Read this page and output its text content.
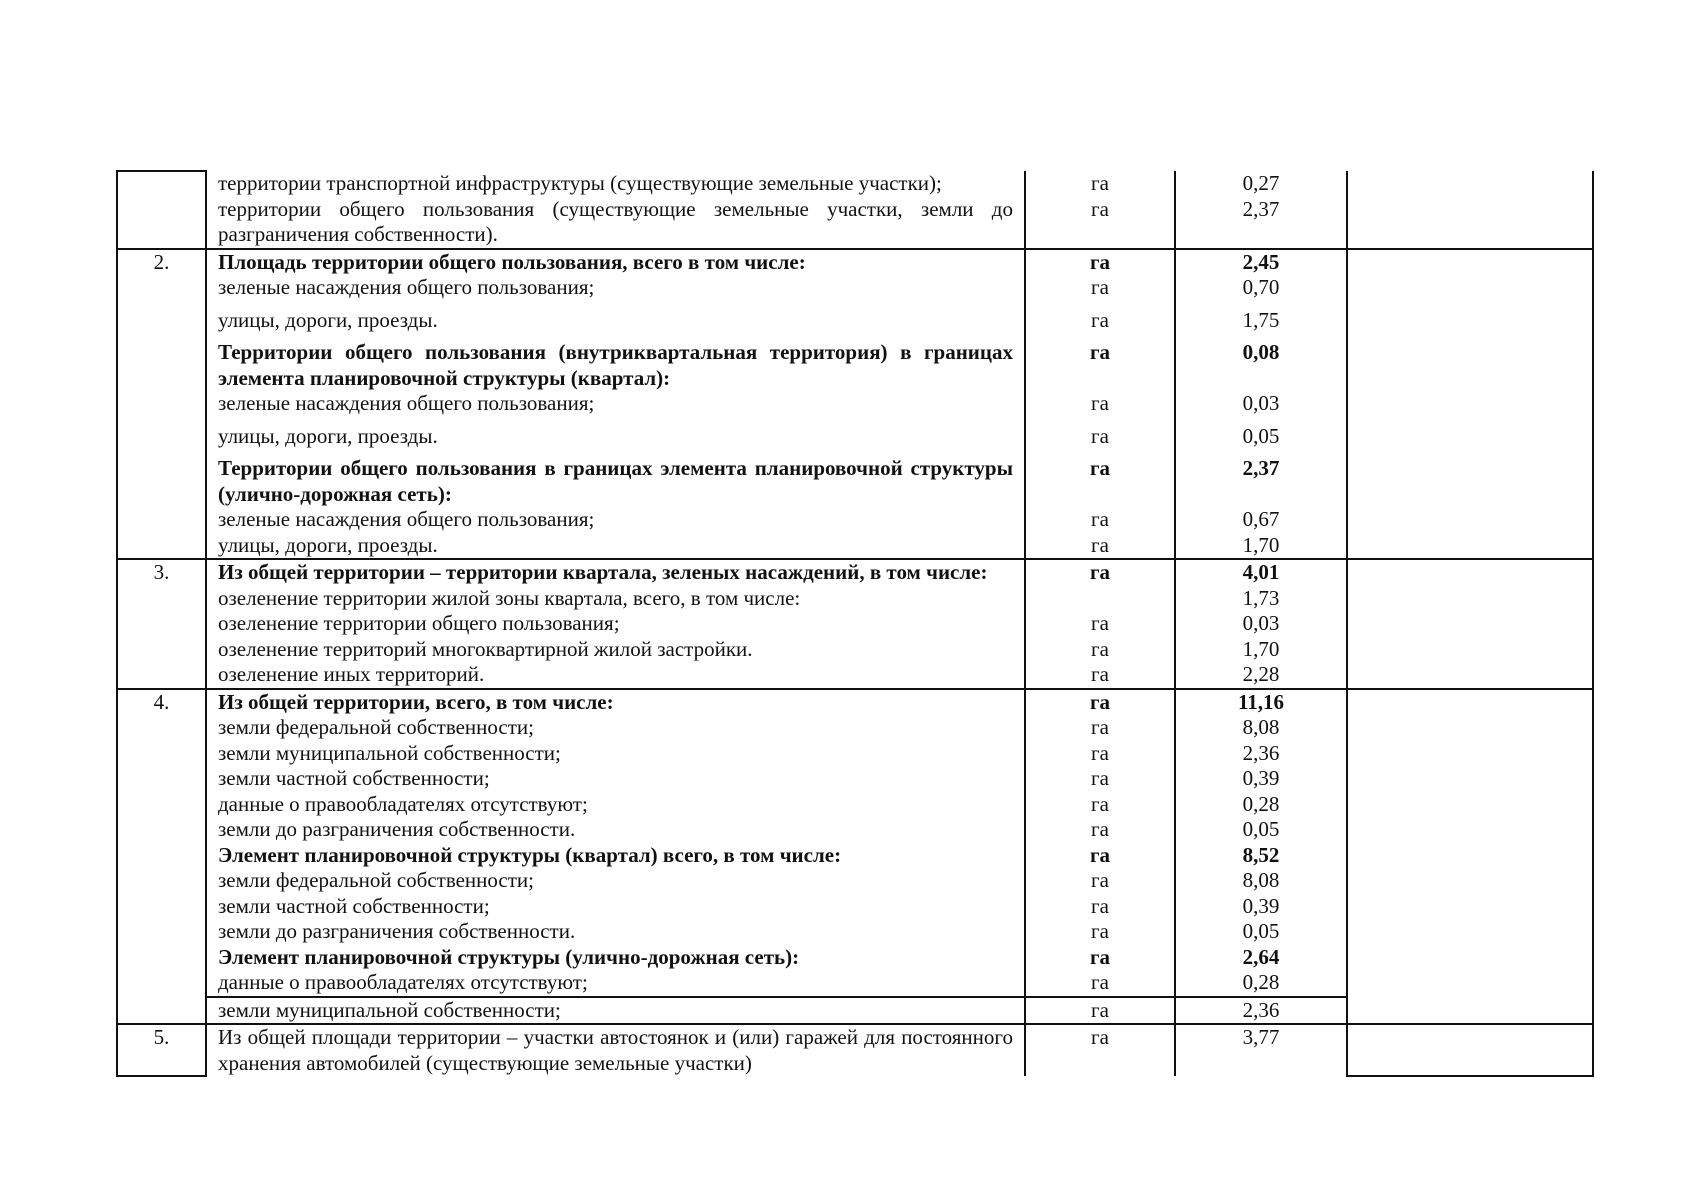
	территории транспортной инфраструктуры (существующие земельные участки);	га	0,27	
	территории общего пользования (существующие земельные участки, земли до разграничения собственности).	га	2,37	
2.	Площадь территории общего пользования, всего в том числе:	га	2,45	
	зеленые насаждения общего пользования;	га	0,70	
	улицы, дороги, проезды.	га	1,75	
	Территории общего пользования (внутриквартальная территория) в границах элемента планировочной структуры (квартал):	га	0,08	
	зеленые насаждения общего пользования;	га	0,03	
	улицы, дороги, проезды.	га	0,05	
	Территории общего пользования в границах элемента планировочной структуры (улично-дорожная сеть):	га	2,37	
	зеленые насаждения общего пользования;	га	0,67	
	улицы, дороги, проезды.	га	1,70	
3.	Из общей территории – территории квартала, зеленых насаждений, в том числе:	га	4,01	
	озеленение территории жилой зоны квартала, всего, в том числе:		1,73	
	озеленение территории общего пользования;	га	0,03	
	озеленение территорий многоквартирной жилой застройки.	га	1,70	
	озеленение иных территорий.	га	2,28	
4.	Из общей территории, всего, в том числе:	га	11,16	
	земли федеральной собственности;	га	8,08	
	земли муниципальной собственности;	га	2,36	
	земли частной собственности;	га	0,39	
	данные о правообладателях отсутствуют;	га	0,28	
	земли до разграничения собственности.	га	0,05	
	Элемент планировочной структуры (квартал) всего, в том числе:	га	8,52	
	земли федеральной собственности;	га	8,08	
	земли частной собственности;	га	0,39	
	земли до разграничения собственности.	га	0,05	
	Элемент планировочной структуры (улично-дорожная сеть):	га	2,64	
	данные о правообладателях отсутствуют;	га	0,28	
	земли муниципальной собственности;	га	2,36	
5.	Из общей площади территории – участки автостоянок и (или) гаражей для постоянного хранения автомобилей (существующие земельные участки)	га	3,77	
